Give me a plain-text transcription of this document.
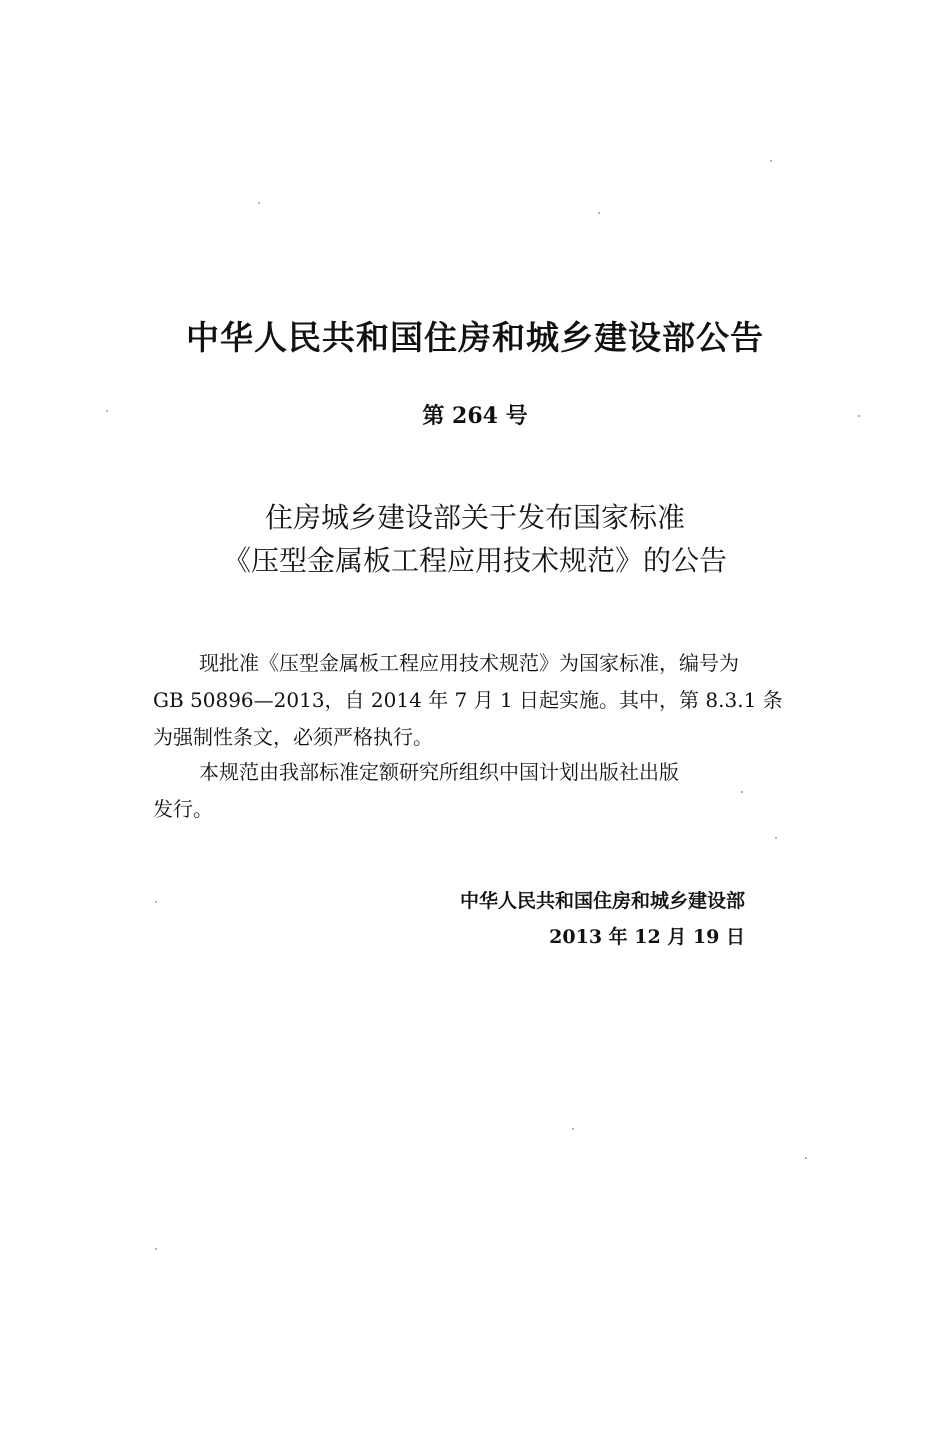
中华人民共和国住房和城乡建设部公告
第 264 号
住房城乡建设部关于发布国家标准
《压型金属板工程应用技术规范》的公告
现批准《压型金属板工程应用技术规范》为国家标准，编号为
GB 50896—2013，自 2014 年 7 月 1 日起实施。其中，第 8.3.1 条
为强制性条文，必须严格执行。
本规范由我部标准定额研究所组织中国计划出版社出版
发行。
中华人民共和国住房和城乡建设部
2013 年 12 月 19 日
